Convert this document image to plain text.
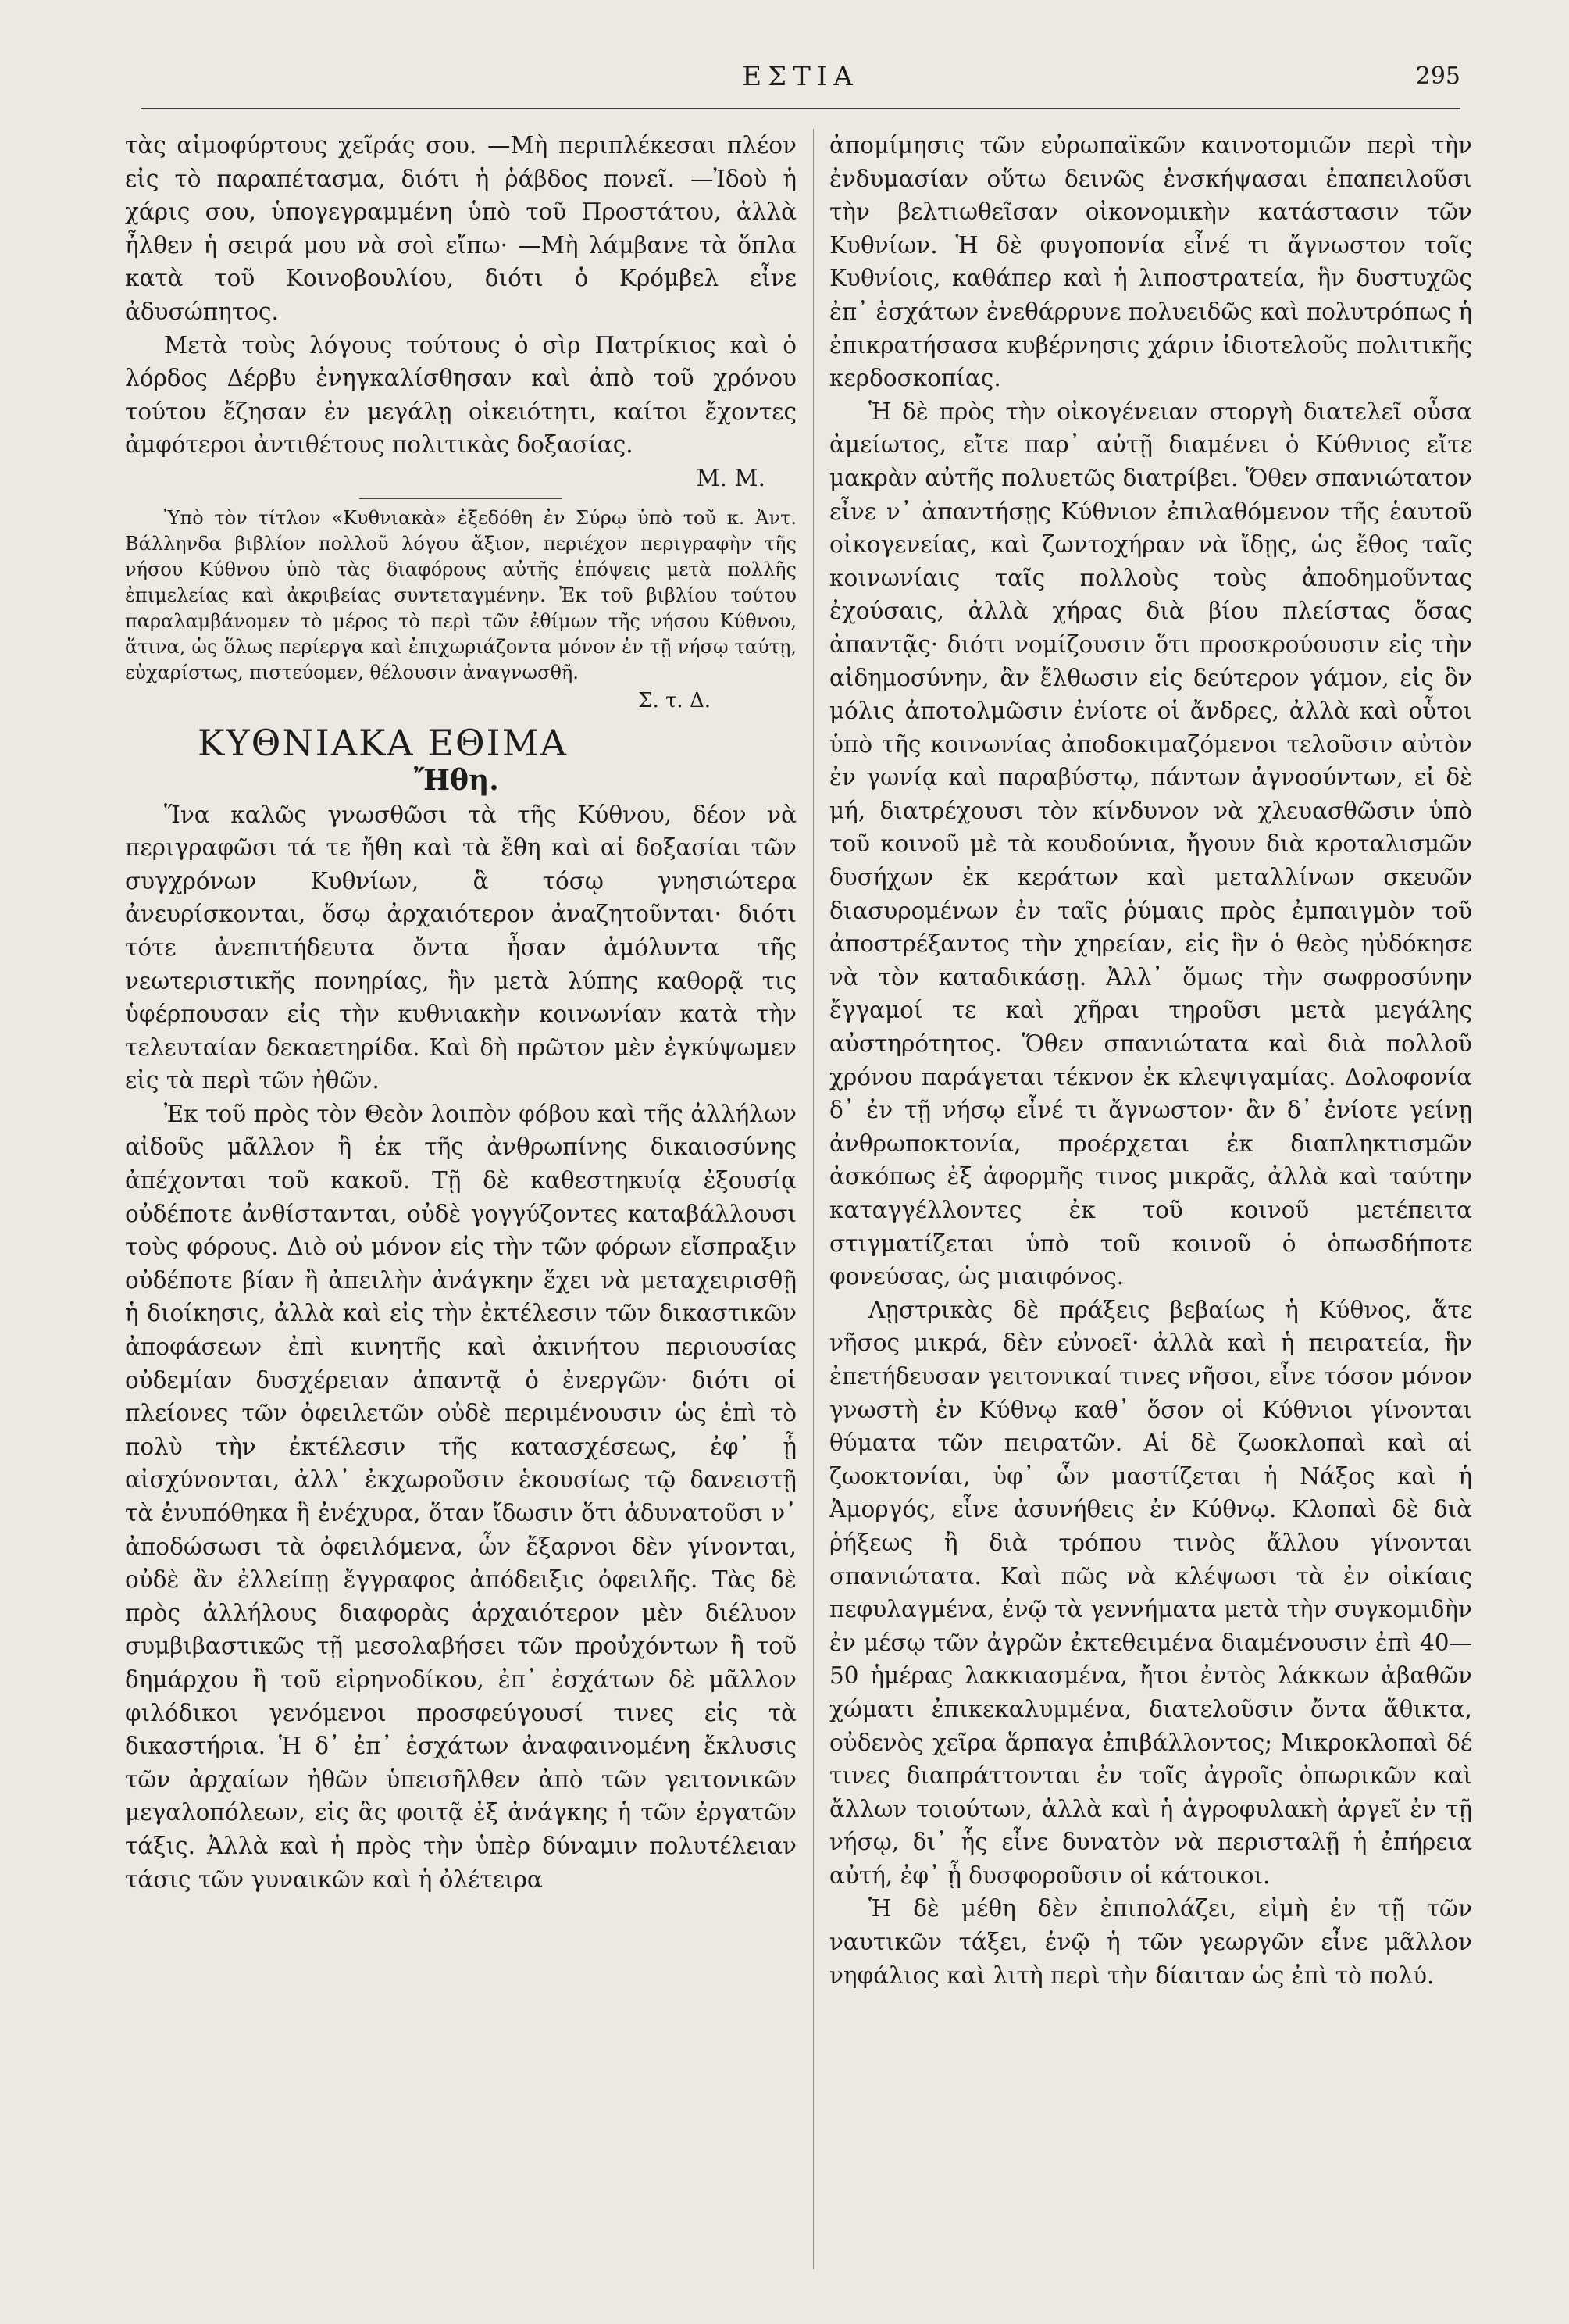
ΕΣΤΙΑ	295

τὰς αἱμοφύρτους χεῖράς σου. —Μὴ περιπλέκεσαι πλέον εἰς τὸ παραπέτασμα, διότι ἡ ῥάβδος πονεῖ. —Ἰδοὺ ἡ χάρις σου, ὑπογεγραμμένη ὑπὸ τοῦ Προστάτου, ἀλλὰ ἦλθεν ἡ σειρά μου νὰ σοὶ εἴπω· —Μὴ λάμβανε τὰ ὅπλα κατὰ τοῦ Κοινοβουλίου, διότι ὁ Κρόμβελ εἶνε ἀδυσώπητος.

Μετὰ τοὺς λόγους τούτους ὁ σὶρ Πατρίκιος καὶ ὁ λόρδος Δέρβυ ἐνηγκαλίσθησαν καὶ ἀπὸ τοῦ χρόνου τούτου ἔζησαν ἐν μεγάλῃ οἰκειότητι, καίτοι ἔχοντες ἀμφότεροι ἀντιθέτους πολιτικὰς δοξασίας.

Μ. Μ.

Ὑπὸ τὸν τίτλον «Κυθνιακὰ» ἐξεδόθη ἐν Σύρῳ ὑπὸ τοῦ κ. Ἀντ. Βάλληνδα βιβλίον πολλοῦ λόγου ἄξιον, περιέχον περιγραφὴν τῆς νήσου Κύθνου ὑπὸ τὰς διαφόρους αὐτῆς ἐπόψεις μετὰ πολλῆς ἐπιμελείας καὶ ἀκριβείας συντεταγμένην. Ἐκ τοῦ βιβλίου τούτου παραλαμβάνομεν τὸ μέρος τὸ περὶ τῶν ἐθίμων τῆς νήσου Κύθνου, ἅτινα, ὡς ὅλως περίεργα καὶ ἐπιχωριάζοντα μόνον ἐν τῇ νήσῳ ταύτῃ, εὐχαρίστως, πιστεύομεν, θέλουσιν ἀναγνωσθῆ.

Σ. τ. Δ.

ΚΥΘΝΙΑΚΑ ΕΘΙΜΑ
Ἤθη.

Ἵνα καλῶς γνωσθῶσι τὰ τῆς Κύθνου, δέον νὰ περιγραφῶσι τά τε ἤθη καὶ τὰ ἔθη καὶ αἱ δοξασίαι τῶν συγχρόνων Κυθνίων, ἃ τόσῳ γνησιώτερα ἀνευρίσκονται, ὅσῳ ἀρχαιότερον ἀναζητοῦνται· διότι τότε ἀνεπιτήδευτα ὄντα ἦσαν ἀμόλυντα τῆς νεωτεριστικῆς πονηρίας, ἣν μετὰ λύπης καθορᾷ τις ὑφέρπουσαν εἰς τὴν κυθνιακὴν κοινωνίαν κατὰ τὴν τελευταίαν δεκαετηρίδα. Καὶ δὴ πρῶτον μὲν ἐγκύψωμεν εἰς τὰ περὶ τῶν ἠθῶν.

Ἐκ τοῦ πρὸς τὸν Θεὸν λοιπὸν φόβου καὶ τῆς ἀλλήλων αἰδοῦς μᾶλλον ἢ ἐκ τῆς ἀνθρωπίνης δικαιοσύνης ἀπέχονται τοῦ κακοῦ. Τῇ δὲ καθεστηκυίᾳ ἐξουσίᾳ οὐδέποτε ἀνθίστανται, οὐδὲ γογγύζοντες καταβάλλουσι τοὺς φόρους. Διὸ οὐ μόνον εἰς τὴν τῶν φόρων εἴσπραξιν οὐδέποτε βίαν ἢ ἀπειλὴν ἀνάγκην ἔχει νὰ μεταχειρισθῇ ἡ διοίκησις, ἀλλὰ καὶ εἰς τὴν ἐκτέλεσιν τῶν δικαστικῶν ἀποφάσεων ἐπὶ κινητῆς καὶ ἀκινήτου περιουσίας οὐδεμίαν δυσχέρειαν ἀπαντᾷ ὁ ἐνεργῶν· διότι οἱ πλείονες τῶν ὀφειλετῶν οὐδὲ περιμένουσιν ὡς ἐπὶ τὸ πολὺ τὴν ἐκτέλεσιν τῆς κατασχέσεως, ἐφ᾽ ᾗ αἰσχύνονται, ἀλλ᾽ ἐκχωροῦσιν ἑκουσίως τῷ δανειστῇ τὰ ἐνυπόθηκα ἢ ἐνέχυρα, ὅταν ἴδωσιν ὅτι ἀδυνατοῦσι ν᾽ ἀποδώσωσι τὰ ὀφειλόμενα, ὧν ἔξαρνοι δὲν γίνονται, οὐδὲ ἂν ἐλλείπῃ ἔγγραφος ἀπόδειξις ὀφειλῆς. Τὰς δὲ πρὸς ἀλλήλους διαφορὰς ἀρχαιότερον μὲν διέλυον συμβιβαστικῶς τῇ μεσολαβήσει τῶν προὐχόντων ἢ τοῦ δημάρχου ἢ τοῦ εἰρηνοδίκου, ἐπ᾽ ἐσχάτων δὲ μᾶλλον φιλόδικοι γενόμενοι προσφεύγουσί τινες εἰς τὰ δικαστήρια. Ἡ δ᾽ ἐπ᾽ ἐσχάτων ἀναφαινομένη ἔκλυσις τῶν ἀρχαίων ἠθῶν ὑπεισῆλθεν ἀπὸ τῶν γειτονικῶν μεγαλοπόλεων, εἰς ἃς φοιτᾷ ἐξ ἀνάγκης ἡ τῶν ἐργατῶν τάξις. Ἀλλὰ καὶ ἡ πρὸς τὴν ὑπὲρ δύναμιν πολυτέλειαν τάσις τῶν γυναικῶν καὶ ἡ ὀλέτειρα

ἀπομίμησις τῶν εὐρωπαϊκῶν καινοτομιῶν περὶ τὴν ἐνδυμασίαν οὕτω δεινῶς ἐνσκήψασαι ἐπαπειλοῦσι τὴν βελτιωθεῖσαν οἰκονομικὴν κατάστασιν τῶν Κυθνίων. Ἡ δὲ φυγοπονία εἶνέ τι ἄγνωστον τοῖς Κυθνίοις, καθάπερ καὶ ἡ λιποστρατεία, ἣν δυστυχῶς ἐπ᾽ ἐσχάτων ἐνεθάρρυνε πολυειδῶς καὶ πολυτρόπως ἡ ἐπικρατήσασα κυβέρνησις χάριν ἰδιοτελοῦς πολιτικῆς κερδοσκοπίας.

Ἡ δὲ πρὸς τὴν οἰκογένειαν στοργὴ διατελεῖ οὖσα ἀμείωτος, εἴτε παρ᾽ αὐτῇ διαμένει ὁ Κύθνιος εἴτε μακρὰν αὐτῆς πολυετῶς διατρίβει. Ὅθεν σπανιώτατον εἶνε ν᾽ ἀπαντήσῃς Κύθνιον ἐπιλαθόμενον τῆς ἑαυτοῦ οἰκογενείας, καὶ ζωντοχήραν νὰ ἴδῃς, ὡς ἔθος ταῖς κοινωνίαις ταῖς πολλοὺς τοὺς ἀποδημοῦντας ἐχούσαις, ἀλλὰ χήρας διὰ βίου πλείστας ὅσας ἀπαντᾷς· διότι νομίζουσιν ὅτι προσκρούουσιν εἰς τὴν αἰδημοσύνην, ἂν ἔλθωσιν εἰς δεύτερον γάμον, εἰς ὃν μόλις ἀποτολμῶσιν ἐνίοτε οἱ ἄνδρες, ἀλλὰ καὶ οὗτοι ὑπὸ τῆς κοινωνίας ἀποδοκιμαζόμενοι τελοῦσιν αὐτὸν ἐν γωνίᾳ καὶ παραβύστῳ, πάντων ἀγνοούντων, εἰ δὲ μή, διατρέχουσι τὸν κίνδυνον νὰ χλευασθῶσιν ὑπὸ τοῦ κοινοῦ μὲ τὰ κουδούνια, ἤγουν διὰ κροταλισμῶν δυσήχων ἐκ κεράτων καὶ μεταλλίνων σκευῶν διασυρομένων ἐν ταῖς ῥύμαις πρὸς ἐμπαιγμὸν τοῦ ἀποστρέξαντος τὴν χηρείαν, εἰς ἣν ὁ θεὸς ηὐδόκησε νὰ τὸν καταδικάσῃ. Ἀλλ᾽ ὅμως τὴν σωφροσύνην ἔγγαμοί τε καὶ χῆραι τηροῦσι μετὰ μεγάλης αὐστηρότητος. Ὅθεν σπανιώτατα καὶ διὰ πολλοῦ χρόνου παράγεται τέκνον ἐκ κλεψιγαμίας. Δολοφονία δ᾽ ἐν τῇ νήσῳ εἶνέ τι ἄγνωστον· ἂν δ᾽ ἐνίοτε γείνῃ ἀνθρωποκτονία, προέρχεται ἐκ διαπληκτισμῶν ἀσκόπως ἐξ ἀφορμῆς τινος μικρᾶς, ἀλλὰ καὶ ταύτην καταγγέλλοντες ἐκ τοῦ κοινοῦ μετέπειτα στιγματίζεται ὑπὸ τοῦ κοινοῦ ὁ ὁπωσδήποτε φονεύσας, ὡς μιαιφόνος.

Λῃστρικὰς δὲ πράξεις βεβαίως ἡ Κύθνος, ἅτε νῆσος μικρά, δὲν εὐνοεῖ· ἀλλὰ καὶ ἡ πειρατεία, ἣν ἐπετήδευσαν γειτονικαί τινες νῆσοι, εἶνε τόσον μόνον γνωστὴ ἐν Κύθνῳ καθ᾽ ὅσον οἱ Κύθνιοι γίνονται θύματα τῶν πειρατῶν. Αἱ δὲ ζωοκλοπαὶ καὶ αἱ ζωοκτονίαι, ὑφ᾽ ὧν μαστίζεται ἡ Νάξος καὶ ἡ Ἀμοργός, εἶνε ἀσυνήθεις ἐν Κύθνῳ. Κλοπαὶ δὲ διὰ ῥήξεως ἢ διὰ τρόπου τινὸς ἄλλου γίνονται σπανιώτατα. Καὶ πῶς νὰ κλέψωσι τὰ ἐν οἰκίαις πεφυλαγμένα, ἐνῷ τὰ γεννήματα μετὰ τὴν συγκομιδὴν ἐν μέσῳ τῶν ἀγρῶν ἐκτεθειμένα διαμένουσιν ἐπὶ 40—50 ἡμέρας λακκιασμένα, ἤτοι ἐντὸς λάκκων ἀβαθῶν χώματι ἐπικεκαλυμμένα, διατελοῦσιν ὄντα ἄθικτα, οὐδενὸς χεῖρα ἅρπαγα ἐπιβάλλοντος; Μικροκλοπαὶ δέ τινες διαπράττονται ἐν τοῖς ἀγροῖς ὀπωρικῶν καὶ ἄλλων τοιούτων, ἀλλὰ καὶ ἡ ἀγροφυλακὴ ἀργεῖ ἐν τῇ νήσῳ, δι᾽ ἧς εἶνε δυνατὸν νὰ περισταλῇ ἡ ἐπήρεια αὐτή, ἐφ᾽ ᾗ δυσφοροῦσιν οἱ κάτοικοι.

Ἡ δὲ μέθη δὲν ἐπιπολάζει, εἰμὴ ἐν τῇ τῶν ναυτικῶν τάξει, ἐνῷ ἡ τῶν γεωργῶν εἶνε μᾶλλον νηφάλιος καὶ λιτὴ περὶ τὴν δίαιταν ὡς ἐπὶ τὸ πολύ.
